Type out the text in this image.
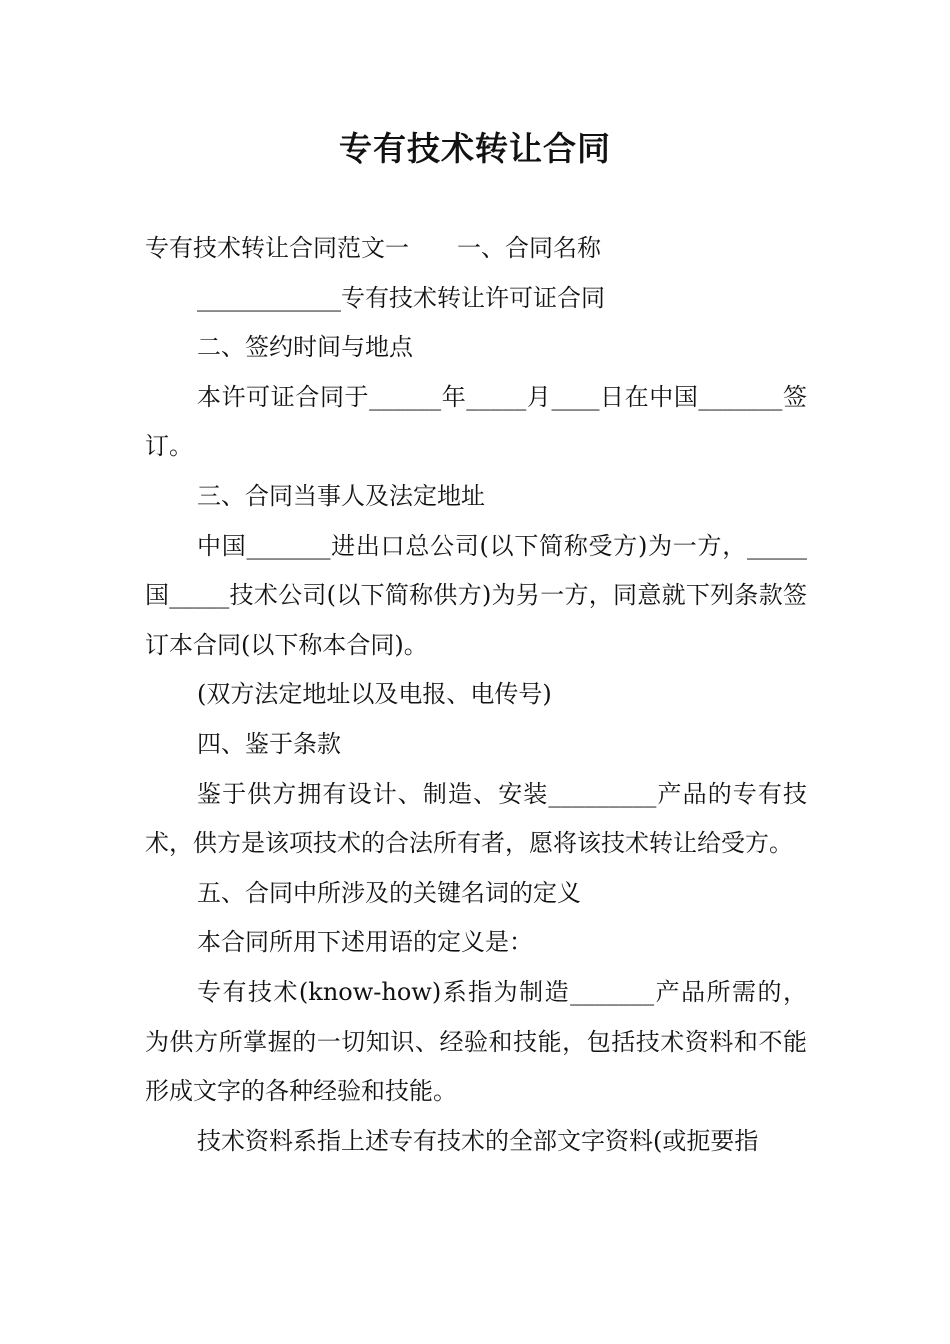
专有技术转让合同

专有技术转让合同范文一　　一、合同名称

____________专有技术转让许可证合同

二、签约时间与地点

本许可证合同于______年_____月____日在中国_______签订。

三、合同当事人及法定地址

中国_______进出口总公司(以下简称受方)为一方，_____国_____技术公司(以下简称供方)为另一方，同意就下列条款签订本合同(以下称本合同)。

(双方法定地址以及电报、电传号)

四、鉴于条款

鉴于供方拥有设计、制造、安装_________产品的专有技术，供方是该项技术的合法所有者，愿将该技术转让给受方。

五、合同中所涉及的关键名词的定义

本合同所用下述用语的定义是：

专有技术(know-how)系指为制造_______产品所需的，为供方所掌握的一切知识、经验和技能，包括技术资料和不能形成文字的各种经验和技能。

技术资料系指上述专有技术的全部文字资料(或扼要指
